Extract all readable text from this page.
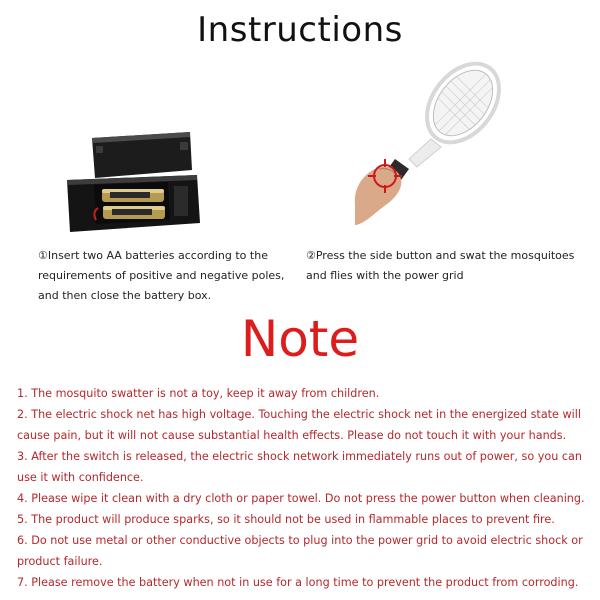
Instructions
①Insert two AA batteries according to the requirements of positive and negative poles, and then close the battery box.
②Press the side button and swat the mosquitoes and flies with the power grid
Note
1. The mosquito swatter is not a toy, keep it away from children.
2. The electric shock net has high voltage. Touching the electric shock net in the energized state will cause pain, but it will not cause substantial health effects. Please do not touch it with your hands.
3. After the switch is released, the electric shock network immediately runs out of power, so you can use it with confidence.
4. Please wipe it clean with a dry cloth or paper towel. Do not press the power button when cleaning.
5. The product will produce sparks, so it should not be used in flammable places to prevent fire.
6. Do not use metal or other conductive objects to plug into the power grid to avoid electric shock or product failure.
7. Please remove the battery when not in use for a long time to prevent the product from corroding.
